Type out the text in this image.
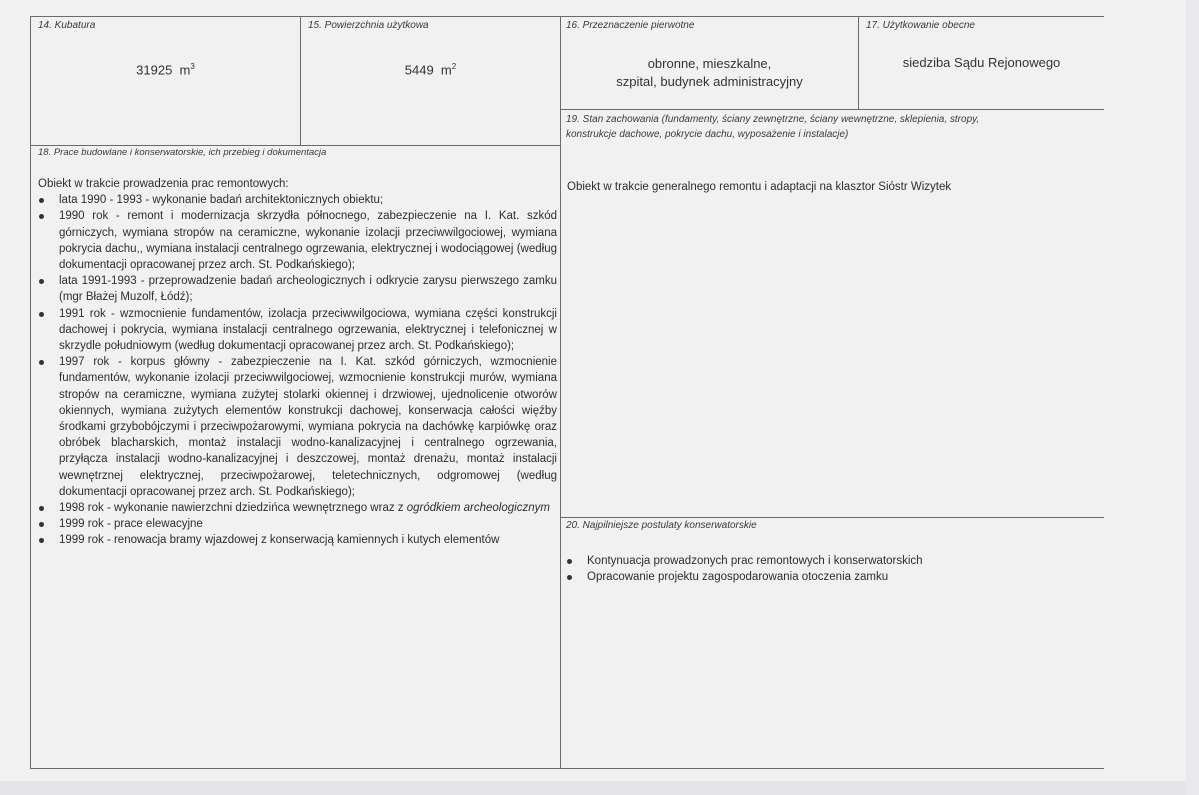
14. Kubatura
31925 $m^3$
15. Powierzchnia użytkowa
5449 $m^2$
16. Przeznaczenie pierwotne
obronne, mieszkalne,
szpital, budynek administracyjny
17. Użytkowanie obecne
siedziba Sądu Rejonowego
19. Stan zachowania (fundamenty, ściany zewnętrzne, ściany wewnętrzne, sklepienia, stropy,
konstrukcje dachowe, pokrycie dachu, wyposażenie i instalacje)
Obiekt w trakcie generalnego remontu i adaptacji na klasztor Sióstr Wizytek
18. Prace budowlane i konserwatorskie, ich przebieg i dokumentacja
Obiekt w trakcie prowadzenia prac remontowych:
lata 1990 - 1993 - wykonanie badań architektonicznych obiektu;
1990 rok - remont i modernizacja skrzydła północnego, zabezpieczenie na I. Kat. szkód górniczych, wymiana stropów na ceramiczne, wykonanie izolacji przeciwwilgociowej, wymiana pokrycia dachu,, wymiana instalacji centralnego ogrzewania, elektrycznej i wodociągowej (według dokumentacji opracowanej przez arch. St. Podkańskiego);
lata 1991-1993 - przeprowadzenie badań archeologicznych i odkrycie zarysu pierwszego zamku (mgr Błażej Muzolf, Łódź);
1991 rok - wzmocnienie fundamentów, izolacja przeciwwilgociowa, wymiana części konstrukcji dachowej i pokrycia, wymiana instalacji centralnego ogrzewania, elektrycznej i telefonicznej w skrzydle południowym (według dokumentacji opracowanej przez arch. St. Podkańskiego);
1997 rok - korpus główny - zabezpieczenie na I. Kat. szkód górniczych, wzmocnienie fundamentów, wykonanie izolacji przeciwwilgociowej, wzmocnienie konstrukcji murów, wymiana stropów na ceramiczne, wymiana zużytej stolarki okiennej i drzwiowej, ujednolicenie otworów okiennych, wymiana zużytych elementów konstrukcji dachowej, konserwacja całości więźby środkami grzybobójczymi i przeciwpożarowymi, wymiana pokrycia na dachówkę karpiówkę oraz obróbek blacharskich, montaż instalacji wodno-kanalizacyjnej i centralnego ogrzewania, przyłącza instalacji wodno-kanalizacyjnej i deszczowej, montaż drenażu, montaż instalacji wewnętrznej elektrycznej, przeciwpożarowej, teletechnicznych, odgromowej (według dokumentacji opracowanej przez arch. St. Podkańskiego);
1998 rok - wykonanie nawierzchni dziedzińca wewnętrznego wraz z ogródkiem archeologicznym
1999 rok - prace elewacyjne
1999 rok - renowacja bramy wjazdowej z konserwacją kamiennych i kutych elementów
20. Najpilniejsze postulaty konserwatorskie
Kontynuacja prowadzonych prac remontowych i konserwatorskich
Opracowanie projektu zagospodarowania otoczenia zamku
